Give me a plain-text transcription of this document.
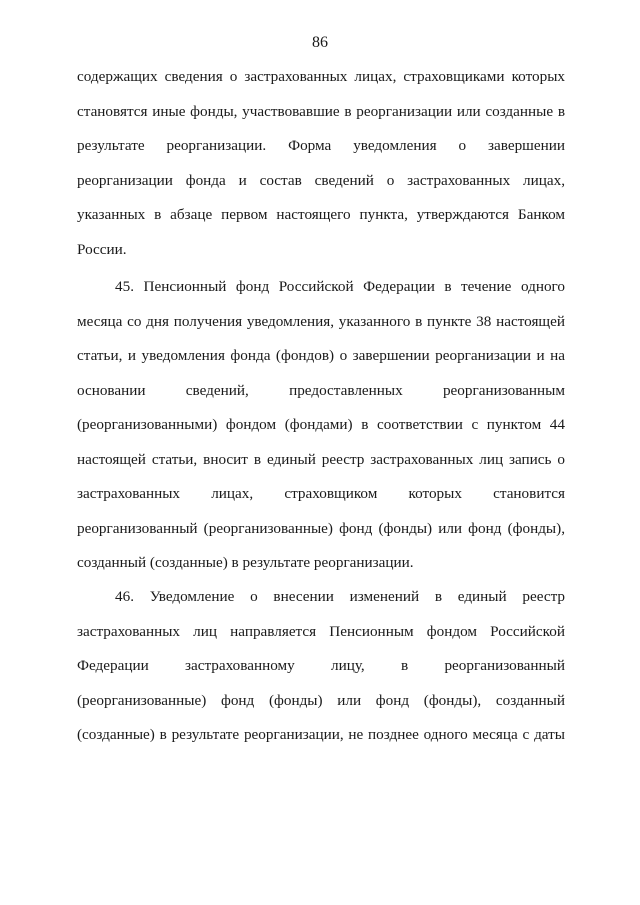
86
содержащих сведения о застрахованных лицах, страховщиками которых
становятся иные фонды, участвовавшие в реорганизации или созданные в
результате реорганизации. Форма уведомления о завершении
реорганизации фонда и состав сведений о застрахованных лицах,
указанных в абзаце первом настоящего пункта, утверждаются Банком
России.
45. Пенсионный фонд Российской Федерации в течение одного
месяца со дня получения уведомления, указанного в пункте 38 настоящей
статьи, и уведомления фонда (фондов) о завершении реорганизации и на
основании сведений, предоставленных реорганизованным
(реорганизованными) фондом (фондами) в соответствии с пунктом 44
настоящей статьи, вносит в единый реестр застрахованных лиц запись о
застрахованных лицах, страховщиком которых становится
реорганизованный (реорганизованные) фонд (фонды) или фонд (фонды),
созданный (созданные) в результате реорганизации.
46. Уведомление о внесении изменений в единый реестр
застрахованных лиц направляется Пенсионным фондом Российской
Федерации застрахованному лицу, в реорганизованный
(реорганизованные) фонд (фонды) или фонд (фонды), созданный
(созданные) в результате реорганизации, не позднее одного месяца с даты
